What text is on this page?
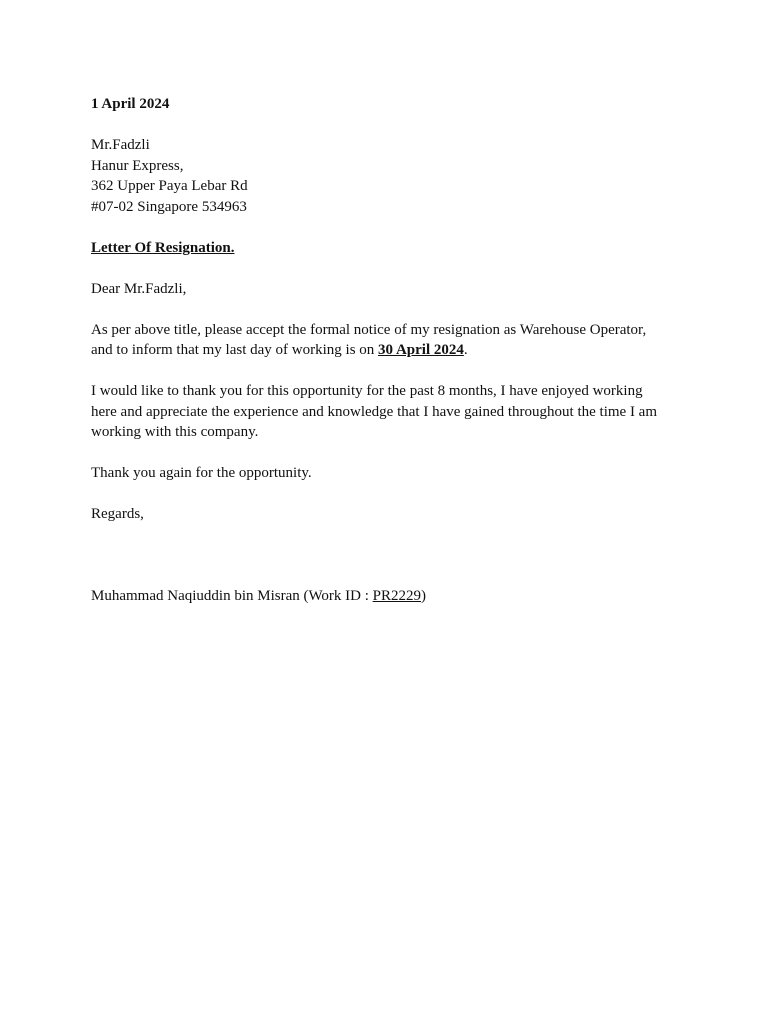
1 April 2024
Mr.Fadzli
Hanur Express,
362 Upper Paya Lebar Rd
#07-02 Singapore 534963
Letter Of Resignation.
Dear Mr.Fadzli,
As per above title, please accept the formal notice of my resignation as Warehouse Operator,
and to inform that my last day of working is on 30 April 2024.
I would like to thank you for this opportunity for the past 8 months, I have enjoyed working
here and appreciate the experience and knowledge that I have gained throughout the time I am
working with this company.
Thank you again for the opportunity.
Regards,
Muhammad Naqiuddin bin Misran (Work ID : PR2229)
